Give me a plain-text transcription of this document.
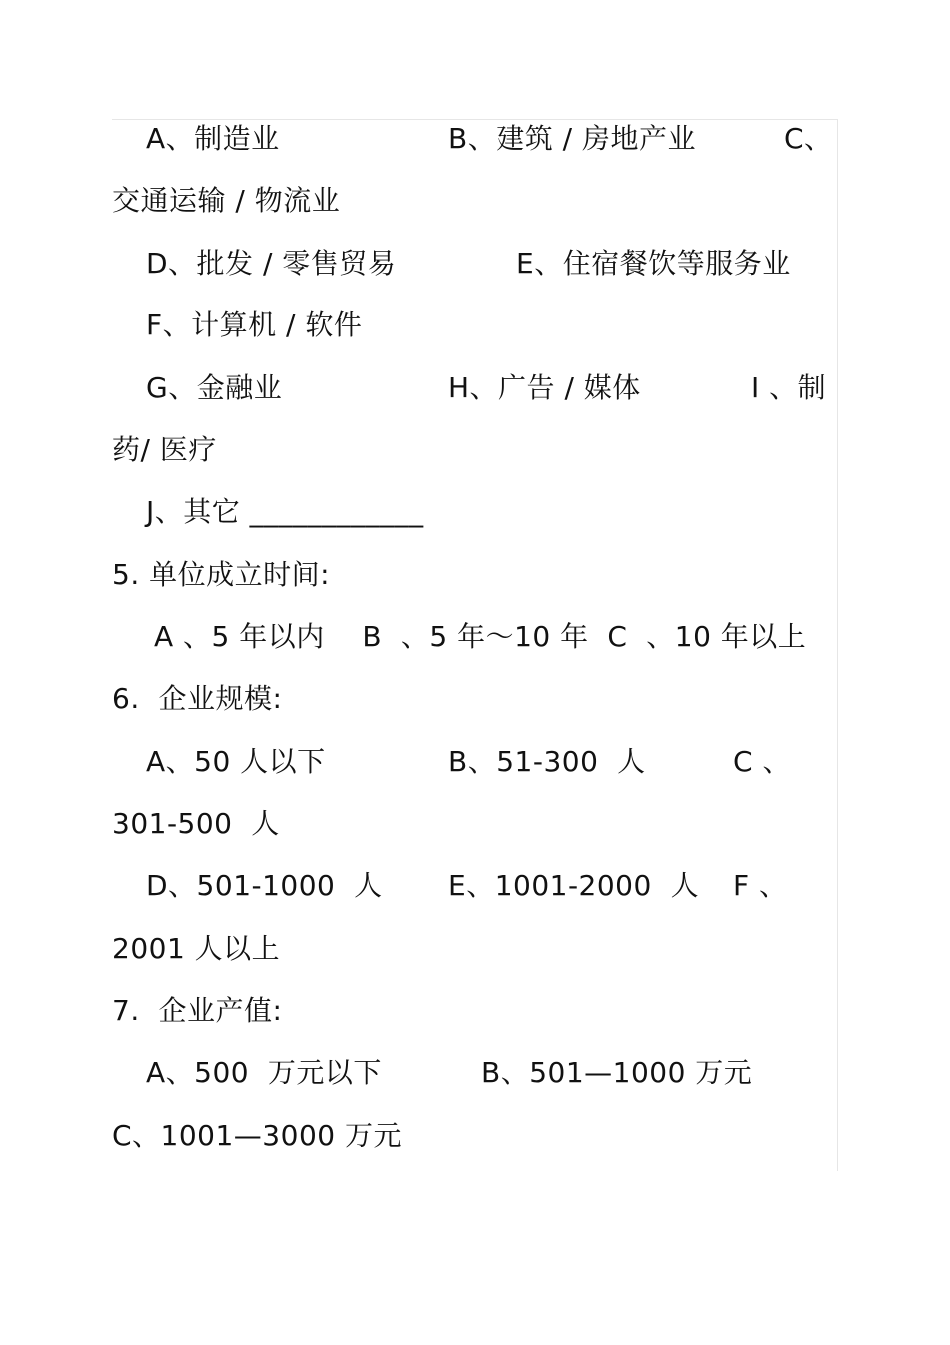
A、制造业	B、建筑 / 房地产业	C、
交通运输 / 物流业
D、批发 / 零售贸易	E、住宿餐饮等服务业
F、计算机 / 软件
G、金融业	H、广告 / 媒体	I 、制
药/ 医疗
J、其它 ____________
5. 单位成立时间:
A 、5 年以内    B  、5 年～10 年  C  、10 年以上
6.  企业规模:
A、50 人以下	B、51-300  人	C 、
301-500  人
D、501-1000  人 E、1001-2000  人 F 、
2001 人以上
7.  企业产值:
A、500  万元以下	B、501—1000 万元
C、1001—3000 万元
